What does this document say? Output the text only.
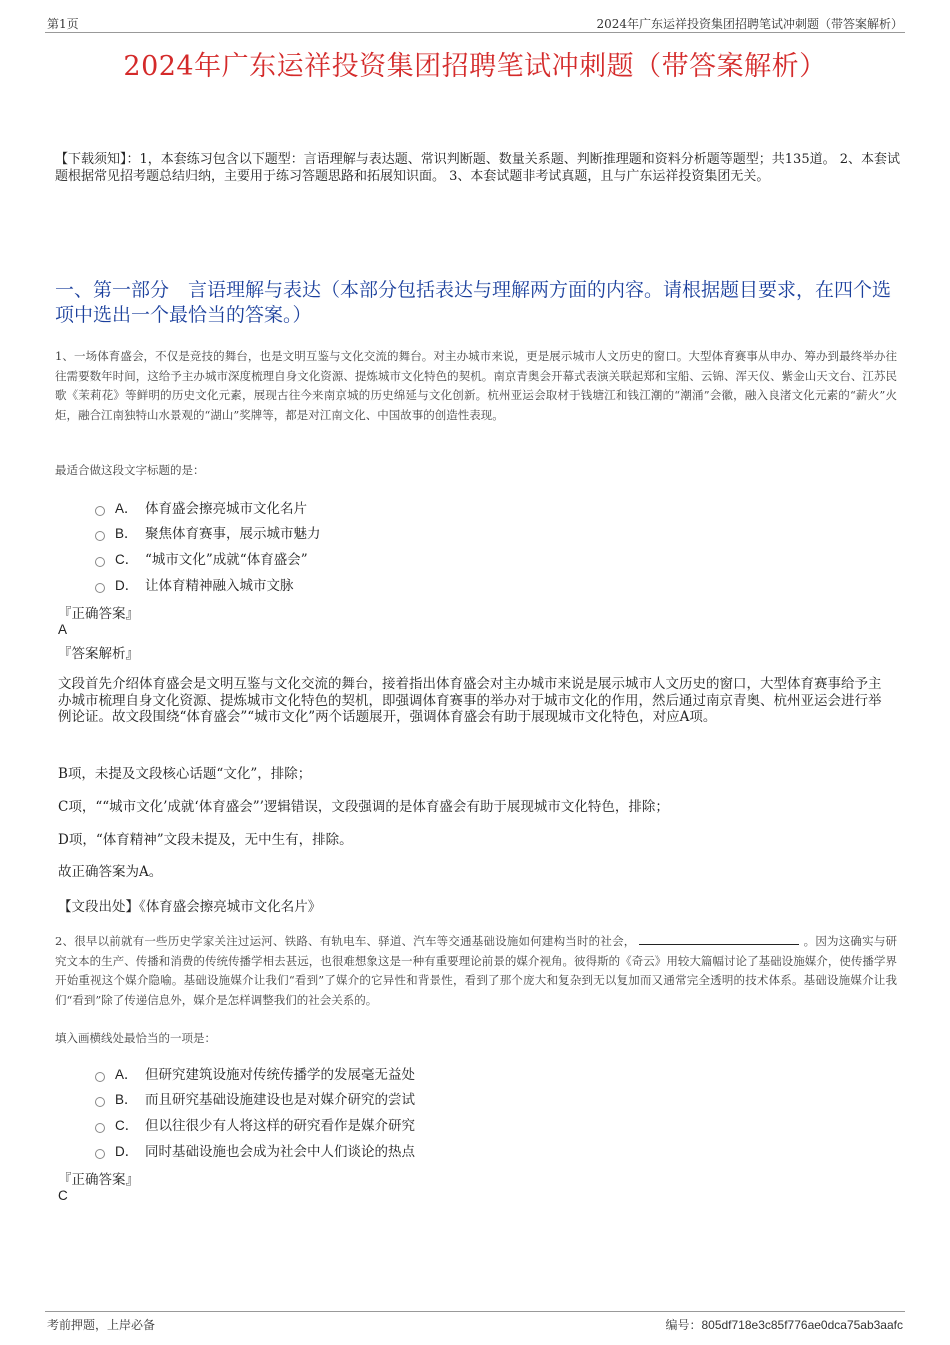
第1页	2024年广东运祥投资集团招聘笔试冲刺题（带答案解析）
2024年广东运祥投资集团招聘笔试冲刺题（带答案解析）
【下载须知】：1，本套练习包含以下题型：言语理解与表达题、常识判断题、数量关系题、判断推理题和资料分析题等题型；共135道。 2、本套试题根据常见招考题总结归纳，主要用于练习答题思路和拓展知识面。 3、本套试题非考试真题，且与广东运祥投资集团无关。
一、第一部分　言语理解与表达（本部分包括表达与理解两方面的内容。请根据题目要求，在四个选项中选出一个最恰当的答案。）
1、一场体育盛会，不仅是竞技的舞台，也是文明互鉴与文化交流的舞台。对主办城市来说，更是展示城市人文历史的窗口。大型体育赛事从申办、筹办到最终举办往往需要数年时间，这给予主办城市深度梳理自身文化资源、提炼城市文化特色的契机。南京青奥会开幕式表演关联起郑和宝船、云锦、浑天仪、紫金山天文台、江苏民歌《茉莉花》等鲜明的历史文化元素，展现古往今来南京城的历史绵延与文化创新。杭州亚运会取材于钱塘江和钱江潮的“潮涌”会徽，融入良渚文化元素的“薪火”火炬，融合江南独特山水景观的“湖山”奖牌等，都是对江南文化、中国故事的创造性表现。
最适合做这段文字标题的是：
A． 体育盛会擦亮城市文化名片
B． 聚焦体育赛事，展示城市魅力
C． “城市文化”成就“体育盛会”
D． 让体育精神融入城市文脉
『正确答案』
A
『答案解析』
文段首先介绍体育盛会是文明互鉴与文化交流的舞台，接着指出体育盛会对主办城市来说是展示城市人文历史的窗口，大型体育赛事给予主办城市梳理自身文化资源、提炼城市文化特色的契机，即强调体育赛事的举办对于城市文化的作用，然后通过南京青奥、杭州亚运会进行举例论证。故文段围绕“体育盛会”“城市文化”两个话题展开，强调体育盛会有助于展现城市文化特色，对应A项。
B项，未提及文段核心话题“文化”，排除；
C项，““城市文化’成就‘体育盛会”’逻辑错误，文段强调的是体育盛会有助于展现城市文化特色，排除；
D项，“体育精神”文段未提及，无中生有，排除。
故正确答案为A。
【文段出处】《体育盛会擦亮城市文化名片》
2、很早以前就有一些历史学家关注过运河、铁路、有轨电车、驿道、汽车等交通基础设施如何建构当时的社会，	。因为这确实与研究文本的生产、传播和消费的传统传播学相去甚远，也很难想象这是一种有重要理论前景的媒介视角。彼得斯的《奇云》用较大篇幅讨论了基础设施媒介，使传播学界开始重视这个媒介隐喻。基础设施媒介让我们“看到”了媒介的它异性和背景性，看到了那个庞大和复杂到无以复加而又通常完全透明的技术体系。基础设施媒介让我们“看到”除了传递信息外，媒介是怎样调整我们的社会关系的。
填入画横线处最恰当的一项是：
A． 但研究建筑设施对传统传播学的发展毫无益处
B． 而且研究基础设施建设也是对媒介研究的尝试
C． 但以往很少有人将这样的研究看作是媒介研究
D． 同时基础设施也会成为社会中人们谈论的热点
『正确答案』
C
考前押题，上岸必备	编号：805df718e3c85f776ae0dca75ab3aafc
